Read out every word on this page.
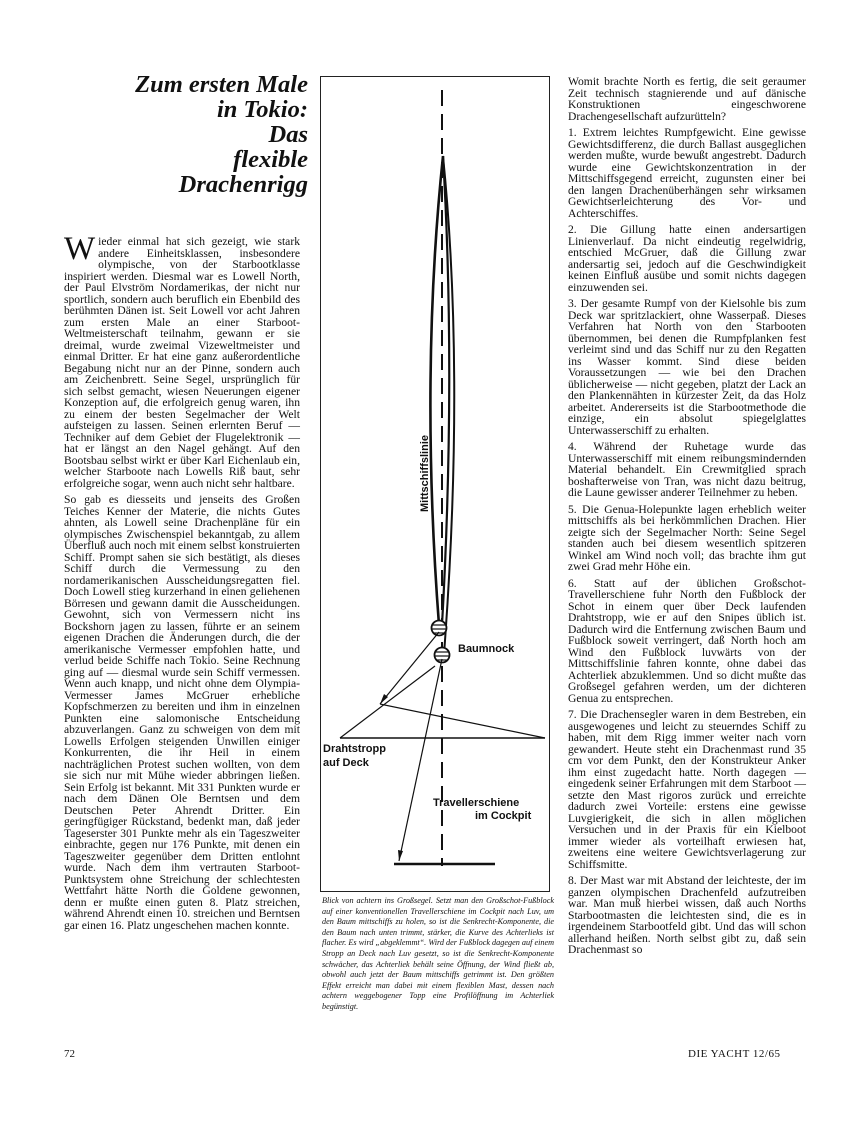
Zum ersten Male
in Tokio:
Das
flexible
Drachenrigg

Wieder einmal hat sich gezeigt, wie stark andere Einheitsklassen, insbesondere olympische, von der Starbootklasse inspiriert werden. Diesmal war es Lowell North, der Paul Elvström Nordamerikas, der nicht nur sportlich, sondern auch beruflich ein Ebenbild des berühmten Dänen ist. Seit Lowell vor acht Jahren zum ersten Male an einer Starboot-Weltmeisterschaft teilnahm, gewann er sie dreimal, wurde zweimal Vizeweltmeister und einmal Dritter. Er hat eine ganz außerordentliche Begabung nicht nur an der Pinne, sondern auch am Zeichenbrett. Seine Segel, ursprünglich für sich selbst gemacht, wiesen Neuerungen eigener Konzeption auf, die erfolgreich genug waren, ihn zu einem der besten Segelmacher der Welt aufsteigen zu lassen. Seinen erlernten Beruf — Techniker auf dem Gebiet der Flugelektronik — hat er längst an den Nagel gehängt. Auf den Bootsbau selbst wirkt er über Karl Eichenlaub ein, welcher Starboote nach Lowells Riß baut, sehr erfolgreiche sogar, wenn auch nicht sehr haltbare.

So gab es diesseits und jenseits des Großen Teiches Kenner der Materie, die nichts Gutes ahnten, als Lowell seine Drachenpläne für ein olympisches Zwischenspiel bekanntgab, zu allem Überfluß auch noch mit einem selbst konstruierten Schiff. Prompt sahen sie sich bestätigt, als dieses Schiff durch die Vermessung zu den nordamerikanischen Ausscheidungsregatten fiel. Doch Lowell stieg kurzerhand in einen geliehenen Börresen und gewann damit die Ausscheidungen. Gewohnt, sich von Vermessern nicht ins Bockshorn jagen zu lassen, führte er an seinem eigenen Drachen die Änderungen durch, die der amerikanische Vermesser empfohlen hatte, und verlud beide Schiffe nach Tokio. Seine Rechnung ging auf — diesmal wurde sein Schiff vermessen. Wenn auch knapp, und nicht ohne dem Olympia-Vermesser James McGruer erhebliche Kopfschmerzen zu bereiten und ihm in einzelnen Punkten eine salomonische Entscheidung abzuverlangen. Ganz zu schweigen von dem mit Lowells Erfolgen steigenden Unwillen einiger Konkurrenten, die ihr Heil in einem nachträglichen Protest suchen wollten, von dem sie sich nur mit Mühe wieder abbringen ließen. Sein Erfolg ist bekannt. Mit 331 Punkten wurde er nach dem Dänen Ole Berntsen und dem Deutschen Peter Ahrendt Dritter. Ein geringfügiger Rückstand, bedenkt man, daß jeder Tageserster 301 Punkte mehr als ein Tageszweiter einbrachte, gegen nur 176 Punkte, mit denen ein Tageszweiter gegenüber dem Dritten entlohnt wurde. Nach dem ihm vertrauten Starboot-Punktsystem ohne Streichung der schlechtesten Wettfahrt hätte North die Goldene gewonnen, denn er mußte einen guten 8. Platz streichen, während Ahrendt einen 10. streichen und Berntsen gar einen 16. Platz ungeschehen machen konnte.

Mittschiffslinie
Baumnock
Drahtstropp
auf Deck
Travellerschiene
im Cockpit
Blick von achtern ins Großsegel. Setzt man den Großschot-Fußblock auf einer konventionellen Travellerschiene im Cockpit nach Luv, um den Baum mittschiffs zu holen, so ist die Senkrecht-Komponente, die den Baum nach unten trimmt, stärker, die Kurve des Achterlieks ist flacher. Es wird „abgeklemmt“. Wird der Fußblock dagegen auf einem Stropp an Deck nach Luv gesetzt, so ist die Senkrecht-Komponente schwächer, das Achterliek behält seine Öffnung, der Wind fließt ab, obwohl auch jetzt der Baum mittschiffs getrimmt ist. Den größten Effekt erreicht man dabei mit einem flexiblen Mast, dessen nach achtern weggebogener Topp eine Profilöffnung im Achterliek begünstigt.

Womit brachte North es fertig, die seit geraumer Zeit technisch stagnierende und auf dänische Konstruktionen eingeschworene Drachengesellschaft aufzurütteln?

1. Extrem leichtes Rumpfgewicht. Eine gewisse Gewichtsdifferenz, die durch Ballast ausgeglichen werden mußte, wurde bewußt angestrebt. Dadurch wurde eine Gewichtskonzentration in der Mittschiffsgegend erreicht, zugunsten einer bei den langen Drachenüberhängen sehr wirksamen Gewichtserleichterung des Vor- und Achterschiffes.

2. Die Gillung hatte einen andersartigen Linienverlauf. Da nicht eindeutig regelwidrig, entschied McGruer, daß die Gillung zwar andersartig sei, jedoch auf die Geschwindigkeit keinen Einfluß ausübe und somit nichts dagegen einzuwenden sei.

3. Der gesamte Rumpf von der Kielsohle bis zum Deck war spritzlackiert, ohne Wasserpaß. Dieses Verfahren hat North von den Starbooten übernommen, bei denen die Rumpfplanken fest verleimt sind und das Schiff nur zu den Regatten ins Wasser kommt. Sind diese beiden Voraussetzungen — wie bei den Drachen üblicherweise — nicht gegeben, platzt der Lack an den Plankennähten in kürzester Zeit, da das Holz arbeitet. Andererseits ist die Starbootmethode die einzige, ein absolut spiegelglattes Unterwasserschiff zu erhalten.

4. Während der Ruhetage wurde das Unterwasserschiff mit einem reibungsmindernden Material behandelt. Ein Crewmitglied sprach boshafterweise von Tran, was nicht dazu beitrug, die Laune gewisser anderer Teilnehmer zu heben.

5. Die Genua-Holepunkte lagen erheblich weiter mittschiffs als bei herkömmlichen Drachen. Hier zeigte sich der Segelmacher North: Seine Segel standen auch bei diesem wesentlich spitzeren Winkel am Wind noch voll; das brachte ihm gut zwei Grad mehr Höhe ein.

6. Statt auf der üblichen Großschot-Travellerschiene fuhr North den Fußblock der Schot in einem quer über Deck laufenden Drahtstropp, wie er auf den Snipes üblich ist. Dadurch wird die Entfernung zwischen Baum und Fußblock soweit verringert, daß North hoch am Wind den Fußblock luvwärts von der Mittschiffslinie fahren konnte, ohne dabei das Achterliek abzuklemmen. Und so dicht mußte das Großsegel gefahren werden, um der dichteren Genua zu entsprechen.

7. Die Drachensegler waren in dem Bestreben, ein ausgewogenes und leicht zu steuerndes Schiff zu haben, mit dem Rigg immer weiter nach vorn gewandert. Heute steht ein Drachenmast rund 35 cm vor dem Punkt, den der Konstrukteur Anker ihm einst zugedacht hatte. North dagegen — eingedenk seiner Erfahrungen mit dem Starboot — setzte den Mast rigoros zurück und erreichte dadurch zwei Vorteile: erstens eine gewisse Luvgierigkeit, die sich in allen möglichen Versuchen und in der Praxis für ein Kielboot immer wieder als vorteilhaft erwiesen hat, zweitens eine weitere Gewichtsverlagerung zur Schiffsmitte.

8. Der Mast war mit Abstand der leichteste, der im ganzen olympischen Drachenfeld aufzutreiben war. Man muß hierbei wissen, daß auch Norths Starbootmasten die leichtesten sind, die es in irgendeinem Starbootfeld gibt. Und das will schon allerhand heißen. North selbst gibt zu, daß sein Drachenmast so

72	DIE YACHT 12/65
